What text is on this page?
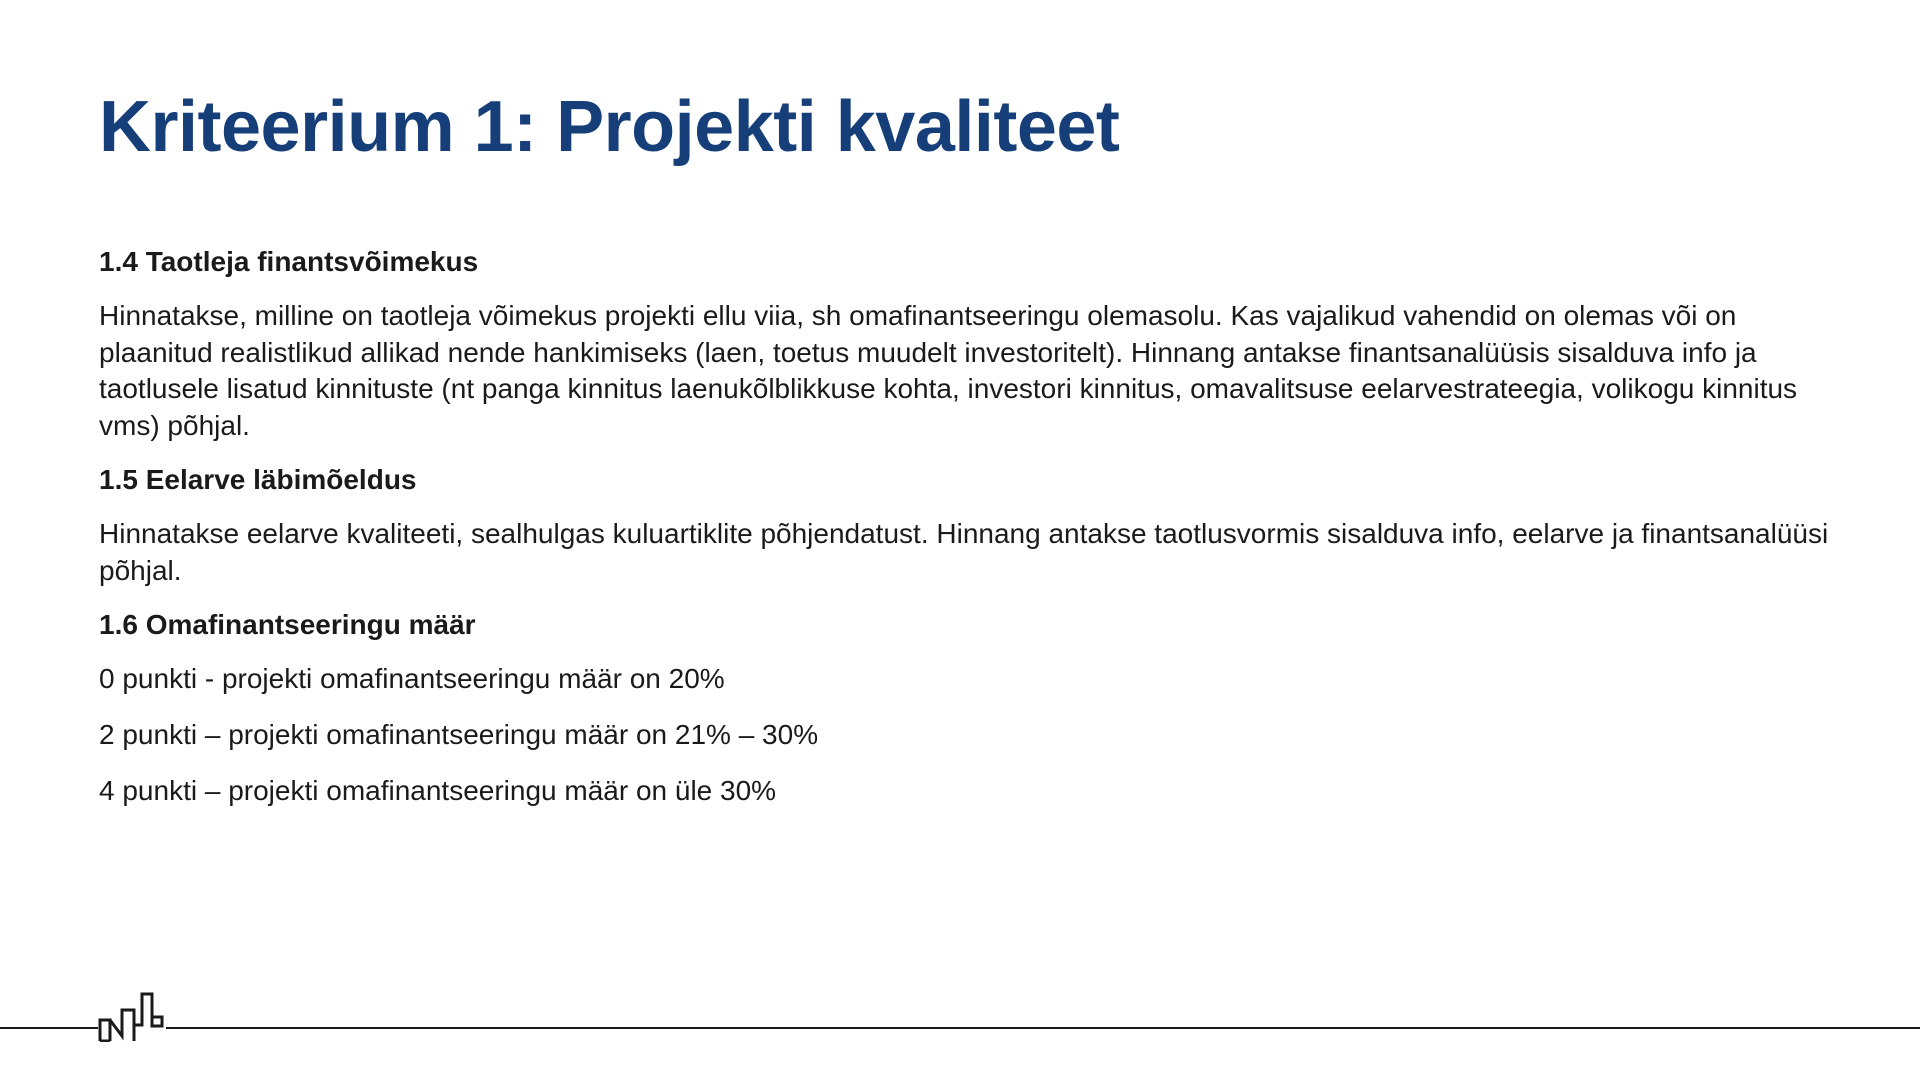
Kriteerium 1: Projekti kvaliteet

1.4 Taotleja finantsvõimekus

Hinnatakse, milline on taotleja võimekus projekti ellu viia, sh omafinantseeringu olemasolu. Kas vajalikud vahendid on olemas või on plaanitud realistlikud allikad nende hankimiseks (laen, toetus muudelt investoritelt). Hinnang antakse finantsanalüüsis sisalduva info ja taotlusele lisatud kinnituste (nt panga kinnitus laenukõlblikkuse kohta, investori kinnitus, omavalitsuse eelarvestrateegia, volikogu kinnitus vms) põhjal.

1.5 Eelarve läbimõeldus

Hinnatakse eelarve kvaliteeti, sealhulgas kuluartiklite põhjendatust. Hinnang antakse taotlusvormis sisalduva info, eelarve ja finantsanalüüsi põhjal.

1.6 Omafinantseeringu määr

0 punkti - projekti omafinantseeringu määr on 20%

2 punkti – projekti omafinantseeringu määr on 21% – 30%

4 punkti – projekti omafinantseeringu määr on üle 30%
